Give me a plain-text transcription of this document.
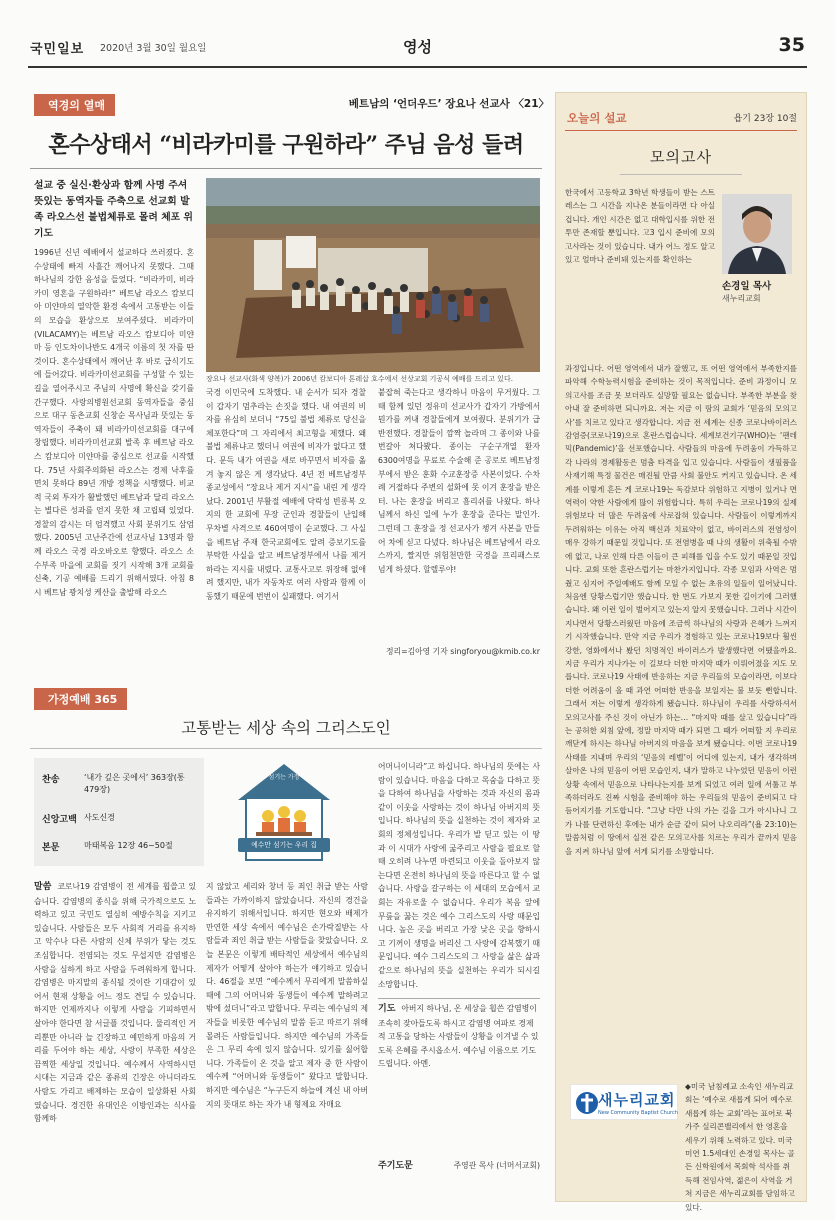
국민일보 2020년 3월 30일 월요일	영성	35
역경의 열매	베트남의 ‘언더우드’ 장요나 선교사 〈21〉
혼수상태서 “비라카미를 구원하라” 주님 음성 들려
설교 중 실신·환상과 함께 사명 주셔 뜻있는 동역자들 주축으로 선교회 발족 라오스선 불법체류로 몰려 체포 위기도
1996년 신년 예배에서 설교하다 쓰러졌다. 혼수상태에 빠져 사흘간 깨어나지 못했다. 그때 하나님의 강한 음성을 들었다. “비라카미, 비라카미 영혼을 구원하라!” 베트남 라오스 캄보디아 미얀마의 열악한 환경 속에서 고통받는 이들의 모습을 환상으로 보여주셨다. 비라카미(VILACAMY)는 베트남 라오스 캄보디아 미얀마 등 인도차이나반도 4개국 이름의 첫 자를 딴 것이다. 혼수상태에서 깨어난 후 바로 급식기도에 들어갔다. 비라카미선교회를 구성할 수 있는 길을 열어주시고 주님의 사명에 확신을 갖기를 간구했다. 사랑의병원선교회 동역자들을 중심으로 대구 동촌교회 신창순 목사님과 뜻있는 동역자들이 주축이 돼 비라카미선교회를 대구에 창립했다. 비라카미선교회 발족 후 베트남 라오스 캄보디아 미얀마를 중심으로 선교를 시작했다. 75년 사회주의화된 라오스는 경제 낙후를 면치 못하다 89년 개방 정책을 시행했다. 비교적 국외 투자가 활발했던 베트남과 달리 라오스는 별다른 성과를 얻지 못한 채 고립돼 있었다. 경찰의 감시는 더 엄격했고 사회 분위기도 삼엄했다. 2005년 고난주간에 선교사님 13명과 함께 라오스 국경 라오바오로 향했다. 라오스 소수부족 마을에 교회를 짓기 시작해 3개 교회를 신축, 기공 예배를 드리기 위해서였다. 아침 8시 베트남 꽝치성 케산을 출발해 라오스
장요나 선교사(화색 양복)가 2006년 캄보디아 톤레삽 호수에서 선상교회 기공식 예배를 드리고 있다.
국경 이민국에 도착했다. 내 순서가 되자 경찰이 갑자기 멈추라는 손짓을 했다. 내 여권의 비자를 유심히 보더니 “75일 불법 체류로 당신을 체포한다”며 그 자리에서 최고형을 제했다. 왜 불법 체류냐고 했더니 여권에 비자가 없다고 했다. 문득 내가 여권을 새로 바꾸면서 비자를 옮겨 놓지 않은 게 생각났다. 4년 전 베트남정부 종교성에서 “장요나 제거 지시”를 내린 게 생각났다. 2001년 부활절 예배에 닥락성 빈롱복 오지의 한 교회에 무장 군인과 경찰들이 난입해 무차별 사격으로 460여명이 순교했다. 그 사실을 베트남 주재 한국교회에도 알려 증보기도를 부탁한 사실을 알고 베트남정부에서 나를 제거하라는 지시를 내렸다. 교통사고로 위장해 없애려 했지만, 내가 자동차로 여러 사람과 함께 이동했기 때문에 번번이 실패했다. 여기서
붙잡혀 죽는다고 생각하니 마음이 무거웠다. 그때 함께 있던 정유미 선교사가 갑자기 가방에서 뭔가를 꺼내 경찰들에게 보여줬다. 분위기가 급반전했다. 경찰들이 깜짝 놀라며 그 종이와 나를 번갈아 쳐다봤다. 종이는 구순구개열 환자 6300여명을 무료로 수술해 준 공로로 베트남정부에서 받은 훈화 수교훈장증 사본이었다. 수차례 거절하다 주변의 설화에 못 이겨 훈장을 받은 터. 나는 훈장을 버리고 흠리쉬를 나왔다. 하나님께서 하신 일에 누가 훈장을 준다는 말인가. 그런데 그 훈장을 정 선교사가 챙겨 사본을 만들어 차에 싣고 다녔다. 하나님은 베트남에서 라오스까지, 짤지만 위험천만한 국경을 프리패스로 넘게 하셨다. 할렐루야!
정리=김아영 기자 singforyou@kmib.co.kr
오늘의 설교	욥기 23장 10절
모의고사
한국에서 고등학교 3학년 학생들이 받는 스트레스는 그 시간을 지나온 분들이라면 다 아실 겁니다. 개인 시간은 없고 대학입시를 위한 전투만 존재할 뿐입니다. 고3 입시 준비에 모의고사라는 것이 있습니다. 내가 어느 정도 알고 있고 얼마나 준비돼 있는지를 확인하는
손경일 목사
새누리교회
과정입니다. 어떤 영역에서 내가 잘했고, 또 어떤 영역에서 부족한지를 파악해 수학능력시험을 준비하는 것이 목적입니다. 준비 과정이니 모의고사를 조금 못 보더라도 실망할 필요는 없습니다. 부족한 부분을 찾아내 잘 준비하면 되니까요. 저는 지금 이 땀의 교회가 ‘믿음의 모의고사’를 치르고 있다고 생각합니다. 지금 전 세계는 신종 코로나바이러스 감염증(코로나19)으로 혼란스럽습니다. 세계보건기구(WHO)는 ‘팬데믹(Pandemic)’을 선포했습니다. 사람들의 마음에 두려움이 가득하고 각 나라의 경제활동은 멈춤 타격을 입고 있습니다. 사람들이 생필품을 사재기해 특정 물건은 매진될 만큼 사회 불안도 커지고 있습니다. 온 세계를 이렇게 흔든 게 코로나19는 독감보다 위험하고 지병이 있거나 면역력이 약한 사람에게 많이 위험합니다. 특히 우리는 코로나19의 실제 위험보다 더 많은 두려움에 사로잡혀 있습니다. 사람들이 이렇게까지 두려워하는 이유는 아직 백신과 치료약이 없고, 바이러스의 전염성이 매우 강하기 때문일 것입니다. 또 전염병을 때 나의 생활이 위축될 수밖에 없고, 나로 인해 다른 이들이 큰 피해를 입을 수도 있기 때문일 것입니다. 교회 또한 흔란스럽기는 마찬가지입니다. 각종 모임과 사역은 멈췄고 심지어 주일예배도 함께 모일 수 없는 초유의 일들이 일어났니다. 처음엔 당황스럽기만 했습니다. 한 번도 가보지 못한 길이기에 그러했습니다. 왜 이런 일이 벌어지고 있는지 알지 못했습니다. 그러나 시간이 지나면서 당황스러웠던 마음에 조금씩 하나님의 사랑과 은혜가 느껴지기 시작했습니다. 만약 지금 우리가 경험하고 있는 코로나19보다 훨씬 강한, 영화에서나 봤던 치명적인 바이러스가 발생했다면 어땠을까요. 지금 우리가 지나가는 이 길보다 더한 마지막 때가 이뤄어졌을 지도 모릅니다. 코로나19 사태에 반응하는 지금 우리들의 모습이라면, 이보다 더한 어려움이 올 때 과연 어떠한 반응을 보일지는 불 보듯 뻔합니다. 그래서 저는 이렇게 생각하게 됐습니다. 하나님이 우리를 사랑하셔서 모의고사를 주신 것이 아닌가 하는… “마지막 때를 살고 있습니다”라는 공허한 외침 앞에, 정말 마지막 때가 되면 그 때가 어떠할 지 우리로 깨닫게 하시는 하나님 아버지의 마음을 보게 됐습니다. 이번 코로나19 사태를 지내며 우리의 ‘믿음의 레벨’이 어디에 있는지, 내가 생각하며 살아온 나의 믿음이 어떤 모습인지, 내가 말하고 나누었던 믿음이 이런 상황 속에서 믿음으로 나타나는지를 보게 되었고 여러 일에 서툴고 부족하더라도 진짜 시험을 준비해야 하는 우리들의 믿음이 준비되고 다듬어지기를 기도합니다. “그냥 다만 나의 가는 길을 그가 아시나니 그가 나를 단련하신 후에는 내가 순금 같이 되어 나오리라”(욥 23:10)는 말씀처럼 이 땅에서 실전 같은 모의고사를 치르는 우리가 끝까지 믿음을 지켜 하나님 앞에 서게 되기를 소망합니다.
◆미국 남침례교 소속인 새누리교회는 ‘예수로 새롭게 되어 예수로 새롭게 하는 교회’라는 표어로 북가주 실리콘밸리에서 한 영혼을 세우기 위해 노력하고 있다. 미국 미연 1.5세대인 손경일 목사는 골든 신학원에서 목회학 석사를 취득해 전임사역, 젊은이 사역을 거쳐 지금은 새누리교회를 담임하고 있다.
새누리교회
New Community Baptist Church
가정예배 365
고통받는 세상 속의 그리스도인
찬송	‘내가 깊은 곳에서’ 363장(통 479장)
신앙고백 사도신경
본문	마태복음 12장 46~50절
섬기는 가정
예수만 섬기는 우리 집
말씀 코로나19 감염병이 전 세계를 휩쓸고 있습니다. 감염병의 종식을 위해 국가적으로도 노력하고 있고 국민도 열심히 예방수칙을 지키고 있습니다. 사람들은 모두 사회적 거리를 유지하고 악수나 다른 사람의 신체 부위가 닿는 것도 조심합니다. 전염되는 것도 무섭지만 감염병은 사람을 심하게 하고 사람을 두려워하게 합니다. 감염병은 마지말의 종식될 것이란 기대감이 있어서 현재 상황을 어느 정도 견딜 수 있습니다. 하지만 언제까지나 이렇게 사람을 기피하면서 살아야 한다면 참 서글플 것입니다. 물리적인 거리뿐만 아니라 늘 긴장하고 예민하게 마음의 거리를 두어야 하는 세상, 사랑이 부족한 세상은 끔찍한 세상일 것입니다. 예수께서 사역하시던 시대는 지금과 같은 종류의 긴장은 아니더라도 사람도 가리고 배제하는 모습이 일상화된 사회였습니다. 경건한 유대인은 이방인과는 식사를 함께하
지 않았고 세리와 창녀 등 죄인 취급 받는 사람들과는 가까이하지 않았습니다. 자신의 경건을 유지하기 위해서입니다. 하지만 현오와 배제가 만연한 세상 속에서 예수님은 손가락질받는 사람들과 죄인 취급 받는 사람들을 찾았습니다. 오늘 본문은 이렇게 배타적인 세상에서 예수님의 제자가 어떻게 살아야 하는가 얘기하고 있습니다. 46절을 보면 “예수께서 무리에게 말씀하실 때에 그의 어머니와 동생들이 예수께 말하려고 밖에 섰더니”라고 말합니다. 무리는 예수님의 제자들을 비롯한 예수님의 말씀 듣고 따르기 위해 몰려든 사람들입니다. 하지만 예수님의 가족들은 그 무리 속에 있지 않습니다. 있기를 싫어합니다. 가족들이 온 것을 알고 제자 중 한 사람이 예수께 “어머니와 동생들이” 왔다고 말합니다. 하지만 예수님은 “누구든지 하늘에 계신 내 아버지의 뜻대로 하는 자가 내 형제요 자매요
어머니이니라”고 하십니다. 하나님의 뜻에는 사람이 있습니다. 마음을 다하고 목숨을 다하고 뜻을 다하여 하나님을 사랑하는 것과 자신의 몸과 같이 이웃을 사랑하는 것이 하나님 아버지의 뜻입니다. 하나님의 뜻을 실천하는 것이 제자와 교회의 정체성입니다. 우리가 발 딛고 있는 이 땅과 이 시대가 사랑에 굶주리고 사람을 필요로 할 때 오히려 나누면 마련되고 이웃을 돌아보지 않는다면 온전히 하나님의 뜻을 따른다고 할 수 없습니다. 사랑을 갈구하는 이 세대의 모습에서 교회는 자유로울 수 없습니다. 우리가 복음 앞에 무릎을 꿇는 것은 예수 그리스도의 사랑 때문입니다. 높은 곳을 버리고 가장 낮은 곳을 향하시고 기꺼이 생명을 버리신 그 사랑에 감복했기 때문입니다. 예수 그리스도의 그 사랑을 삶은 삶과 같으로 하나님의 뜻을 실천하는 우리가 되시길 소망합니다.
기도 아버지 하나님, 온 세상을 휩쓴 감염병이 조속히 잦아들도록 하시고 감염병 여파로 경제적 고통을 당하는 사람들이 상황을 이겨낼 수 있도록 은혜를 주시옵소서. 예수님 이름으로 기도드립니다. 아멘.
주기도문	주영관 목사 (너머서교회)
